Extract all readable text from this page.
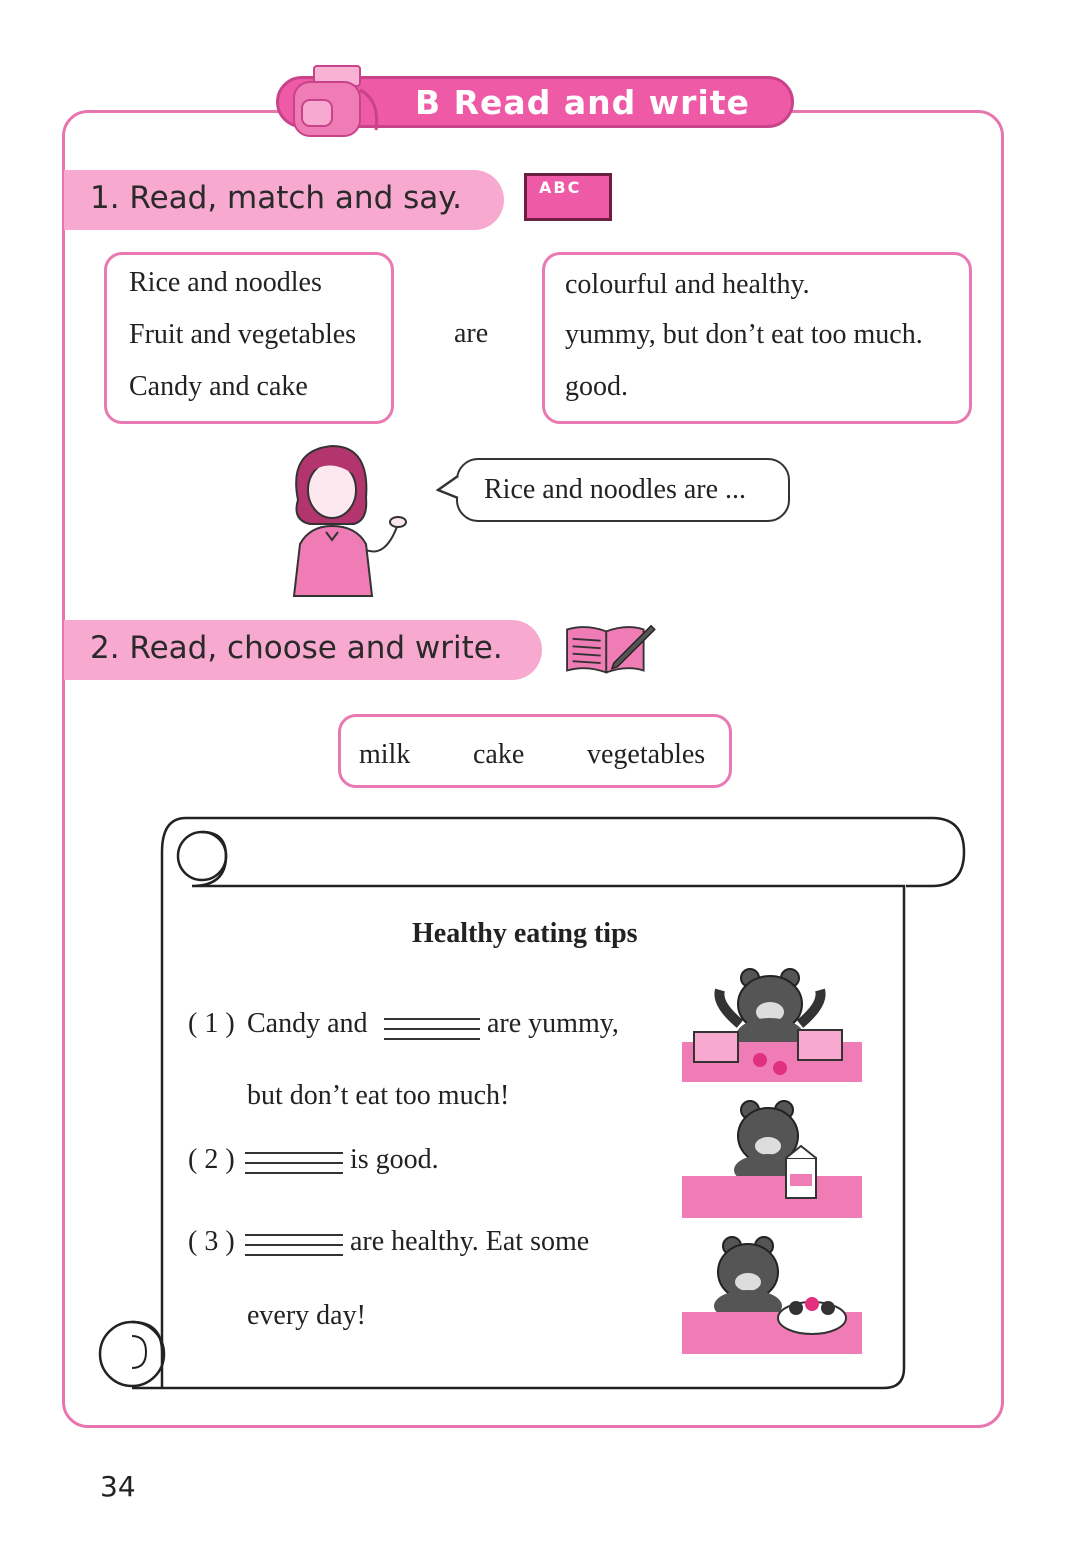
B Read and write
1. Read, match and say.	ABC
Rice and noodles
Fruit and vegetables
Candy and cake
are
colourful and healthy.
yummy, but don’t eat too much.
good.
Rice and noodles are ...
2. Read, choose and write.
milk cake vegetables
Healthy eating tips
( 1 ) Candy and	are yummy,
but don’t eat too much!
( 2 )	is good.
( 3 )	are healthy. Eat some
every day!
34
